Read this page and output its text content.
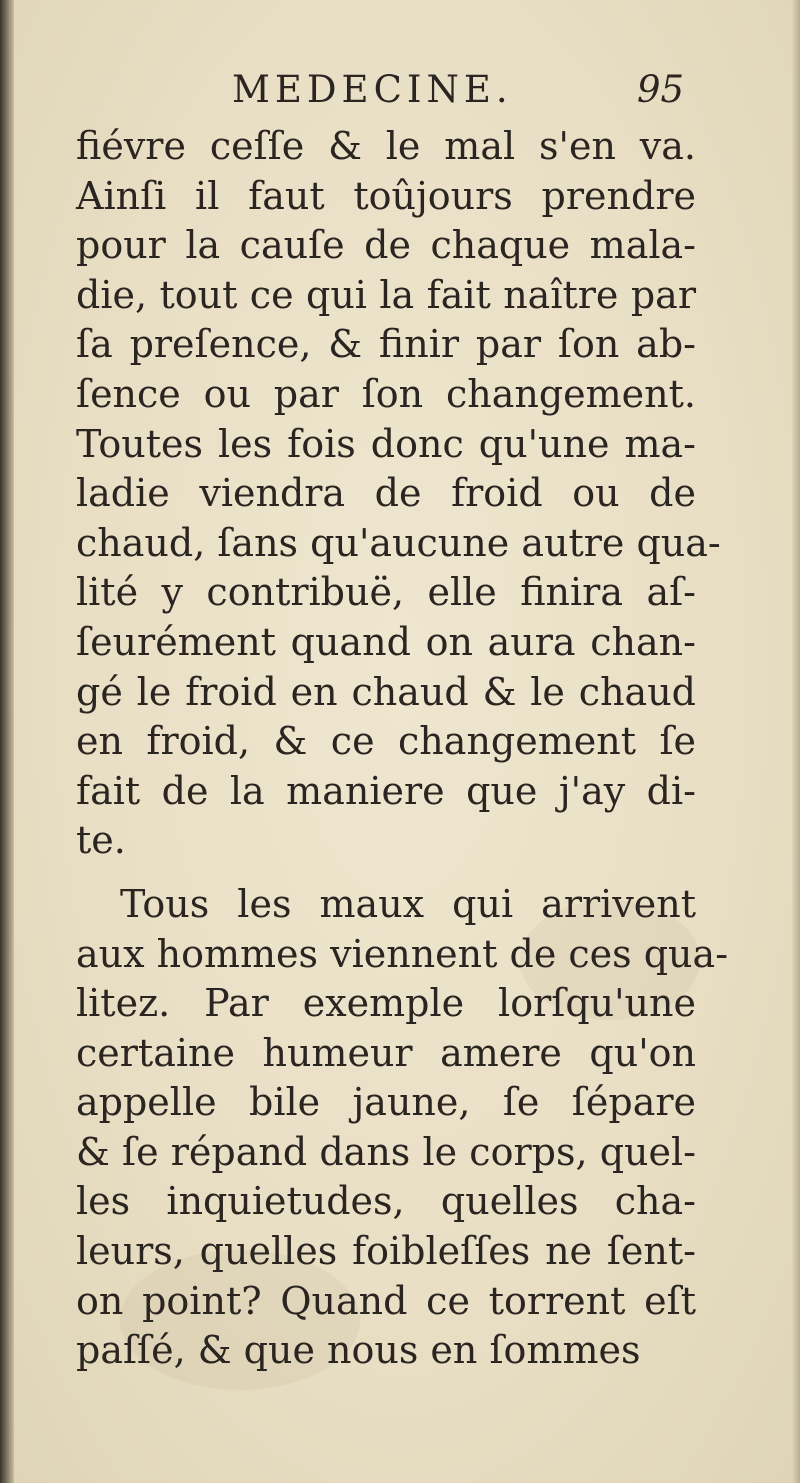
MEDECINE.	95
fiévre ceſſe & le mal s'en va.
Ainſi il faut toûjours prendre
pour la cauſe de chaque mala-
die, tout ce qui la fait naître par
ſa preſence, & finir par ſon ab-
ſence ou par ſon changement.
Toutes les fois donc qu'une ma-
ladie viendra de froid ou de
chaud, ſans qu'aucune autre qua-
lité y contribuë, elle finira aſ-
ſeurément quand on aura chan-
gé le froid en chaud & le chaud
en froid, & ce changement ſe
fait de la maniere que j'ay di-
te.
Tous les maux qui arrivent
aux hommes viennent de ces qua-
litez. Par exemple lorſqu'une
certaine humeur amere qu'on
appelle bile jaune, ſe ſépare
& ſe répand dans le corps, quel-
les inquietudes, quelles cha-
leurs, quelles foibleſſes ne ſent-
on point? Quand ce torrent eſt
paſſé, & que nous en ſommes
